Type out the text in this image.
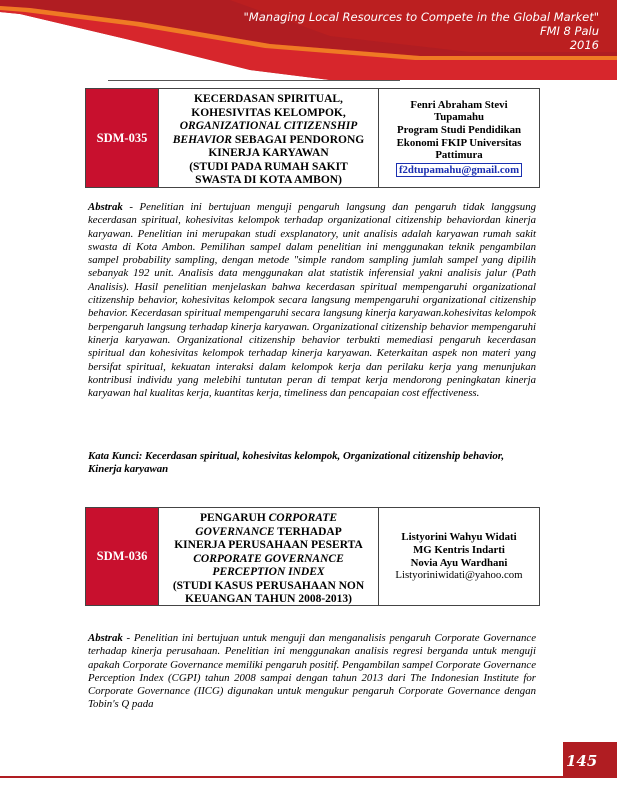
"Managing Local Resources to Compete in the Global Market"
FMI 8 Palu
2016
SDM-035
KECERDASAN SPIRITUAL,
KOHESIVITAS KELOMPOK,
ORGANIZATIONAL CITIZENSHIP
BEHAVIOR SEBAGAI PENDORONG
KINERJA KARYAWAN
(STUDI PADA RUMAH SAKIT
SWASTA DI KOTA AMBON)
Fenri Abraham Stevi
Tupamahu
Program Studi Pendidikan
Ekonomi FKIP Universitas
Pattimura
f2dtupamahu@gmail.com
Abstrak - Penelitian ini bertujuan menguji pengaruh langsung dan pengaruh tidak langgsung kecerdasan spiritual, kohesivitas kelompok terhadap organizational citizenship behaviordan kinerja karyawan. Penelitian ini merupakan studi exsplanatory, unit analisis adalah karyawan rumah sakit swasta di Kota Ambon. Pemilihan sampel dalam penelitian ini menggunakan teknik pengambilan sampel probability sampling, dengan metode "simple random sampling jumlah sampel yang dipilih sebanyak 192 unit. Analisis data menggunakan alat statistik inferensial yakni analisis jalur (Path Analisis). Hasil penelitian menjelaskan bahwa kecerdasan spiritual mempengaruhi organizational citizenship behavior, kohesivitas kelompok secara langsung mempengaruhi organizational citizenship behavior. Kecerdasan spiritual mempengaruhi secara langsung kinerja karyawan.kohesivitas kelompok berpengaruh langsung terhadap kinerja karyawan. Organizational citizenship behavior mempengaruhi kinerja karyawan. Organizational citizenship behavior terbukti memediasi pengaruh kecerdasan spiritual dan kohesivitas kelompok terhadap kinerja karyawan. Keterkaitan aspek non materi yang bersifat spiritual, kekuatan interaksi dalam kelompok kerja dan perilaku kerja yang menunjukan kontribusi individu yang melebihi tuntutan peran di tempat kerja mendorong peningkatan kinerja karyawan hal kualitas kerja, kuantitas kerja, timeliness dan pencapaian cost effectiveness.
Kata Kunci: Kecerdasan spiritual, kohesivitas kelompok, Organizational citizenship behavior, Kinerja karyawan
SDM-036
PENGARUH CORPORATE
GOVERNANCE TERHADAP
KINERJA PERUSAHAAN PESERTA
CORPORATE GOVERNANCE
PERCEPTION INDEX
(STUDI KASUS PERUSAHAAN NON
KEUANGAN TAHUN 2008-2013)
Listyorini Wahyu Widati
MG Kentris Indarti
Novia Ayu Wardhani
Listyoriniwidati@yahoo.com
Abstrak - Penelitian ini bertujuan untuk menguji dan menganalisis pengaruh Corporate Governance terhadap kinerja perusahaan. Penelitian ini menggunakan analisis regresi berganda untuk menguji apakah Corporate Governance memiliki pengaruh positif. Pengambilan sampel Corporate Governance Perception Index (CGPI) tahun 2008 sampai dengan tahun 2013 dari The Indonesian Institute for Corporate Governance (IICG) digunakan untuk mengukur pengaruh Corporate Governance dengan Tobin's Q pada
145
